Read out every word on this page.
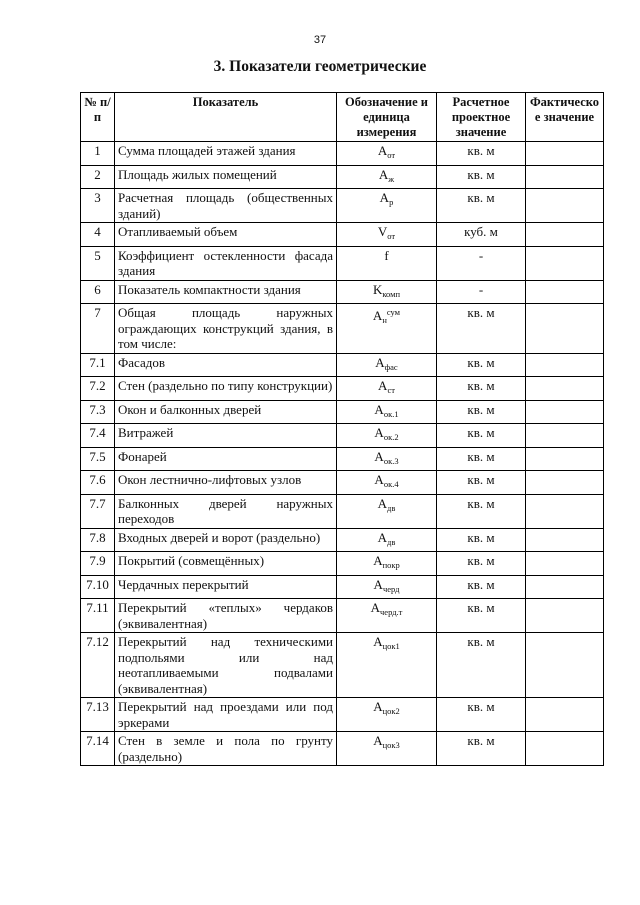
37
3. Показатели геометрические
№ п/п	Показатель	Обозначение и единица измерения	Расчетное проектное значение	Фактическое значение

1	Сумма площадей этажей здания	$A_{от}$	кв. м	
2	Площадь жилых помещений	$A_ж$	кв. м	
3	Расчетная площадь (общественных зданий)	$A_р$	кв. м	
4	Отапливаемый объем	$V_{от}$	куб. м	
5	Коэффициент остекленности фасада здания	f	-	
6	Показатель компактности здания	$K_{комп}$	-	
7	Общая площадь наружных ограждающих конструкций здания, в том числе:	$A_н^{сум}$	кв. м	
7.1	Фасадов	$A_{фас}$	кв. м	
7.2	Стен (раздельно по типу конструкции)	$A_{ст}$	кв. м	
7.3	Окон и балконных дверей	$A_{ок.1}$	кв. м	
7.4	Витражей	$A_{ок.2}$	кв. м	
7.5	Фонарей	$A_{ок.3}$	кв. м	
7.6	Окон лестнично-лифтовых узлов	$A_{ок.4}$	кв. м	
7.7	Балконных дверей наружных переходов	$A_{дв}$	кв. м	
7.8	Входных дверей и ворот (раздельно)	$A_{дв}$	кв. м	
7.9	Покрытий (совмещённых)	$A_{покр}$	кв. м	
7.10	Чердачных перекрытий	$A_{черд}$	кв. м	
7.11	Перекрытий «теплых» чердаков (эквивалентная)	$A_{черд.т}$	кв. м	
7.12	Перекрытий над техническими подпольями или над неотапливаемыми подвалами (эквивалентная)	$A_{цок1}$	кв. м	
7.13	Перекрытий над проездами или под эркерами	$A_{цок2}$	кв. м	
7.14	Стен в земле и пола по грунту (раздельно)	$A_{цок3}$	кв. м	
